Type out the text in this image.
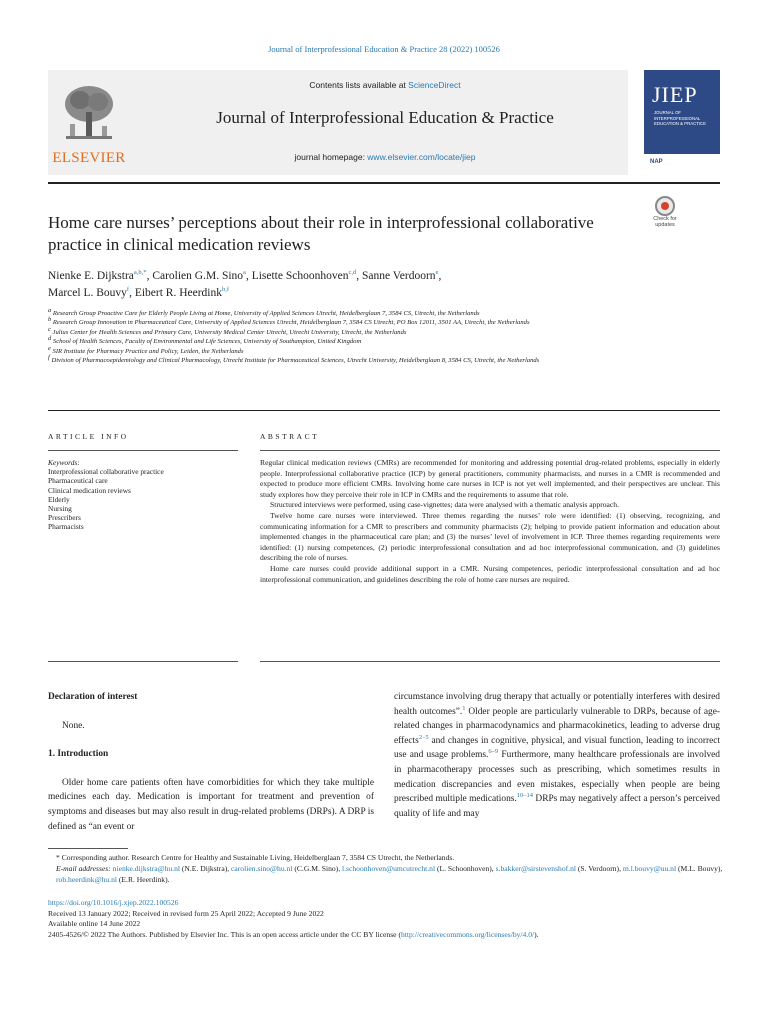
Journal of Interprofessional Education & Practice 28 (2022) 100526
ELSEVIER
Contents lists available at ScienceDirect
Journal of Interprofessional Education & Practice
journal homepage: www.elsevier.com/locate/jiep
JIEP
JOURNAL OF INTERPROFESSIONAL EDUCATION & PRACTICE
NAP
Check for updates
Home care nurses’ perceptions about their role in interprofessional collaborative practice in clinical medication reviews
Nienke E. Dijkstra$^{a,b,*}$, Carolien G.M. Sino$^a$, Lisette Schoonhoven$^{c,d}$, Sanne Verdoorn$^e$,
Marcel L. Bouvy$^f$, Eibert R. Heerdink$^{b,f}$
$^a$ Research Group Proactive Care for Elderly People Living at Home, University of Applied Sciences Utrecht, Heidelberglaan 7, 3584 CS, Utrecht, the Netherlands
$^b$ Research Group Innovation in Pharmaceutical Care, University of Applied Sciences Utrecht, Heidelberglaan 7, 3584 CS Utrecht, PO Box 12011, 3501 AA, Utrecht, the Netherlands
$^c$ Julius Center for Health Sciences and Primary Care, University Medical Center Utrecht, Utrecht University, Utrecht, the Netherlands
$^d$ School of Health Sciences, Faculty of Environmental and Life Sciences, University of Southampton, United Kingdom
$^e$ SIR Institute for Pharmacy Practice and Policy, Leiden, the Netherlands
$^f$ Division of Pharmacoepidemiology and Clinical Pharmacology, Utrecht Institute for Pharmaceutical Sciences, Utrecht University, Heidelberglaan 8, 3584 CS, Utrecht, the Netherlands
ARTICLE INFO	ABSTRACT
Keywords:
Interprofessional collaborative practice
Pharmaceutical care
Clinical medication reviews
Elderly
Nursing
Prescribers
Pharmacists

Regular clinical medication reviews (CMRs) are recommended for monitoring and addressing potential drug-related problems, especially in elderly people. Interprofessional collaborative practice (ICP) by general practitioners, community pharmacists, and nurses in a CMR is recommended and expected to produce more efficient CMRs. Involving home care nurses in ICP is not yet well implemented, and their perspectives are unclear. This study explores how they perceive their role in ICP in CMRs and the requirements to assume that role.

Structured interviews were performed, using case-vignettes; data were analysed with a thematic analysis approach.

Twelve home care nurses were interviewed. Three themes regarding the nurses’ role were identified: (1) observing, recognizing, and communicating information for a CMR to prescribers and community pharmacists (2); helping to provide patient information and education about implemented changes in the pharmaceutical care plan; and (3) the nurses’ level of involvement in ICP. Three themes regarding requirements were identified: (1) nursing competences, (2) periodic interprofessional consultation and ad hoc interprofessional communication, and (3) guidelines describing the role of nurses.

Home care nurses could provide additional support in a CMR. Nursing competences, periodic interprofessional consultation and ad hoc interprofessional communication, and guidelines describing the role of home care nurses are required.

Declaration of interest

None.

1. Introduction

Older home care patients often have comorbidities for which they take multiple medicines each day. Medication is important for treatment and prevention of symptoms and diseases but may also result in drug-related problems (DRPs). A DRP is defined as “an event or

circumstance involving drug therapy that actually or potentially interferes with desired health outcomes”.$^1$ Older people are particularly vulnerable to DRPs, because of age-related changes in pharmacodynamics and pharmacokinetics, leading to adverse drug effects$^{2-5}$ and changes in cognitive, physical, and visual function, leading to incorrect use and usage problems.$^{6-9}$ Furthermore, many healthcare professionals are involved in pharmacotherapy processes such as prescribing, which sometimes results in medication discrepancies and even mistakes, especially when people are being prescribed multiple medications.$^{10-14}$ DRPs may negatively affect a person’s perceived quality of life and may
* Corresponding author. Research Centre for Healthy and Sustainable Living, Heidelberglaan 7, 3584 CS Utrecht, the Netherlands.
E-mail addresses: nienke.dijkstra@hu.nl (N.E. Dijkstra), carolien.sino@hu.nl (C.G.M. Sino), l.schoonhoven@umcutrecht.nl (L. Schoonhoven), s.bakker@sirstevenshof.nl (S. Verdoorn), m.l.bouvy@uu.nl (M.L. Bouvy), rob.heerdink@hu.nl (E.R. Heerdink).
https://doi.org/10.1016/j.xjep.2022.100526
Received 13 January 2022; Received in revised form 25 April 2022; Accepted 9 June 2022
Available online 14 June 2022
2405-4526/© 2022 The Authors. Published by Elsevier Inc. This is an open access article under the CC BY license (http://creativecommons.org/licenses/by/4.0/).
